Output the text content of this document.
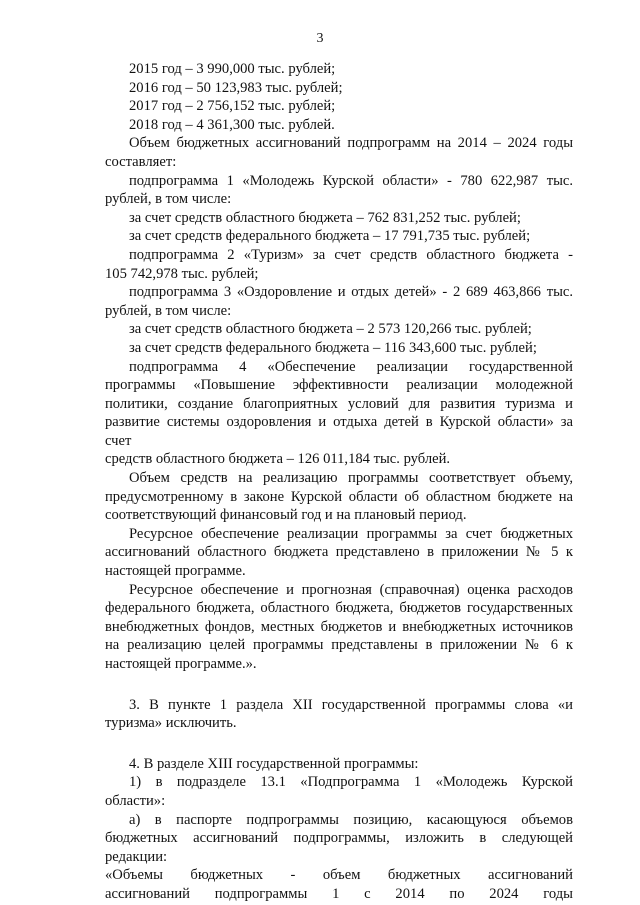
3
2015 год – 3 990,000 тыс. рублей;
2016 год – 50 123,983 тыс. рублей;
2017 год – 2 756,152 тыс. рублей;
2018 год – 4 361,300 тыс. рублей.
Объем бюджетных ассигнований подпрограмм на 2014 – 2024 годы
составляет:
подпрограмма 1 «Молодежь Курской области» - 780 622,987 тыс.
рублей, в том числе:
за счет средств областного бюджета – 762 831,252 тыс. рублей;
за счет средств федерального бюджета – 17 791,735 тыс. рублей;
подпрограмма 2 «Туризм» за счет средств областного бюджета -
105 742,978 тыс. рублей;
подпрограмма 3 «Оздоровление и отдых детей» - 2 689 463,866 тыс.
рублей, в том числе:
за счет средств областного бюджета – 2 573 120,266 тыс. рублей;
за счет средств федерального бюджета – 116 343,600 тыс. рублей;
подпрограмма 4 «Обеспечение реализации государственной
программы «Повышение эффективности реализации молодежной
политики, создание благоприятных условий для развития туризма и
развитие системы оздоровления и отдыха детей в Курской области» за счет
средств областного бюджета – 126 011,184 тыс. рублей.
Объем средств на реализацию программы соответствует объему,
предусмотренному в законе Курской области об областном бюджете на
соответствующий финансовый год и на плановый период.
Ресурсное обеспечение реализации программы за счет бюджетных
ассигнований областного бюджета представлено в приложении № 5 к
настоящей программе.
Ресурсное обеспечение и прогнозная (справочная) оценка расходов
федерального бюджета, областного бюджета, бюджетов государственных
внебюджетных фондов, местных бюджетов и внебюджетных источников
на реализацию целей программы представлены в приложении № 6 к
настоящей программе.».
3. В пункте 1 раздела XII государственной программы слова «и
туризма» исключить.
4. В разделе XIII государственной программы:
1) в подразделе 13.1 «Подпрограмма 1 «Молодежь Курской
области»:
а) в паспорте подпрограммы позицию, касающуюся объемов
бюджетных ассигнований подпрограммы, изложить в следующей
редакции:
«Объемы бюджетных - объем бюджетных ассигнований
ассигнований подпрограммы 1 с 2014 по 2024 годы
